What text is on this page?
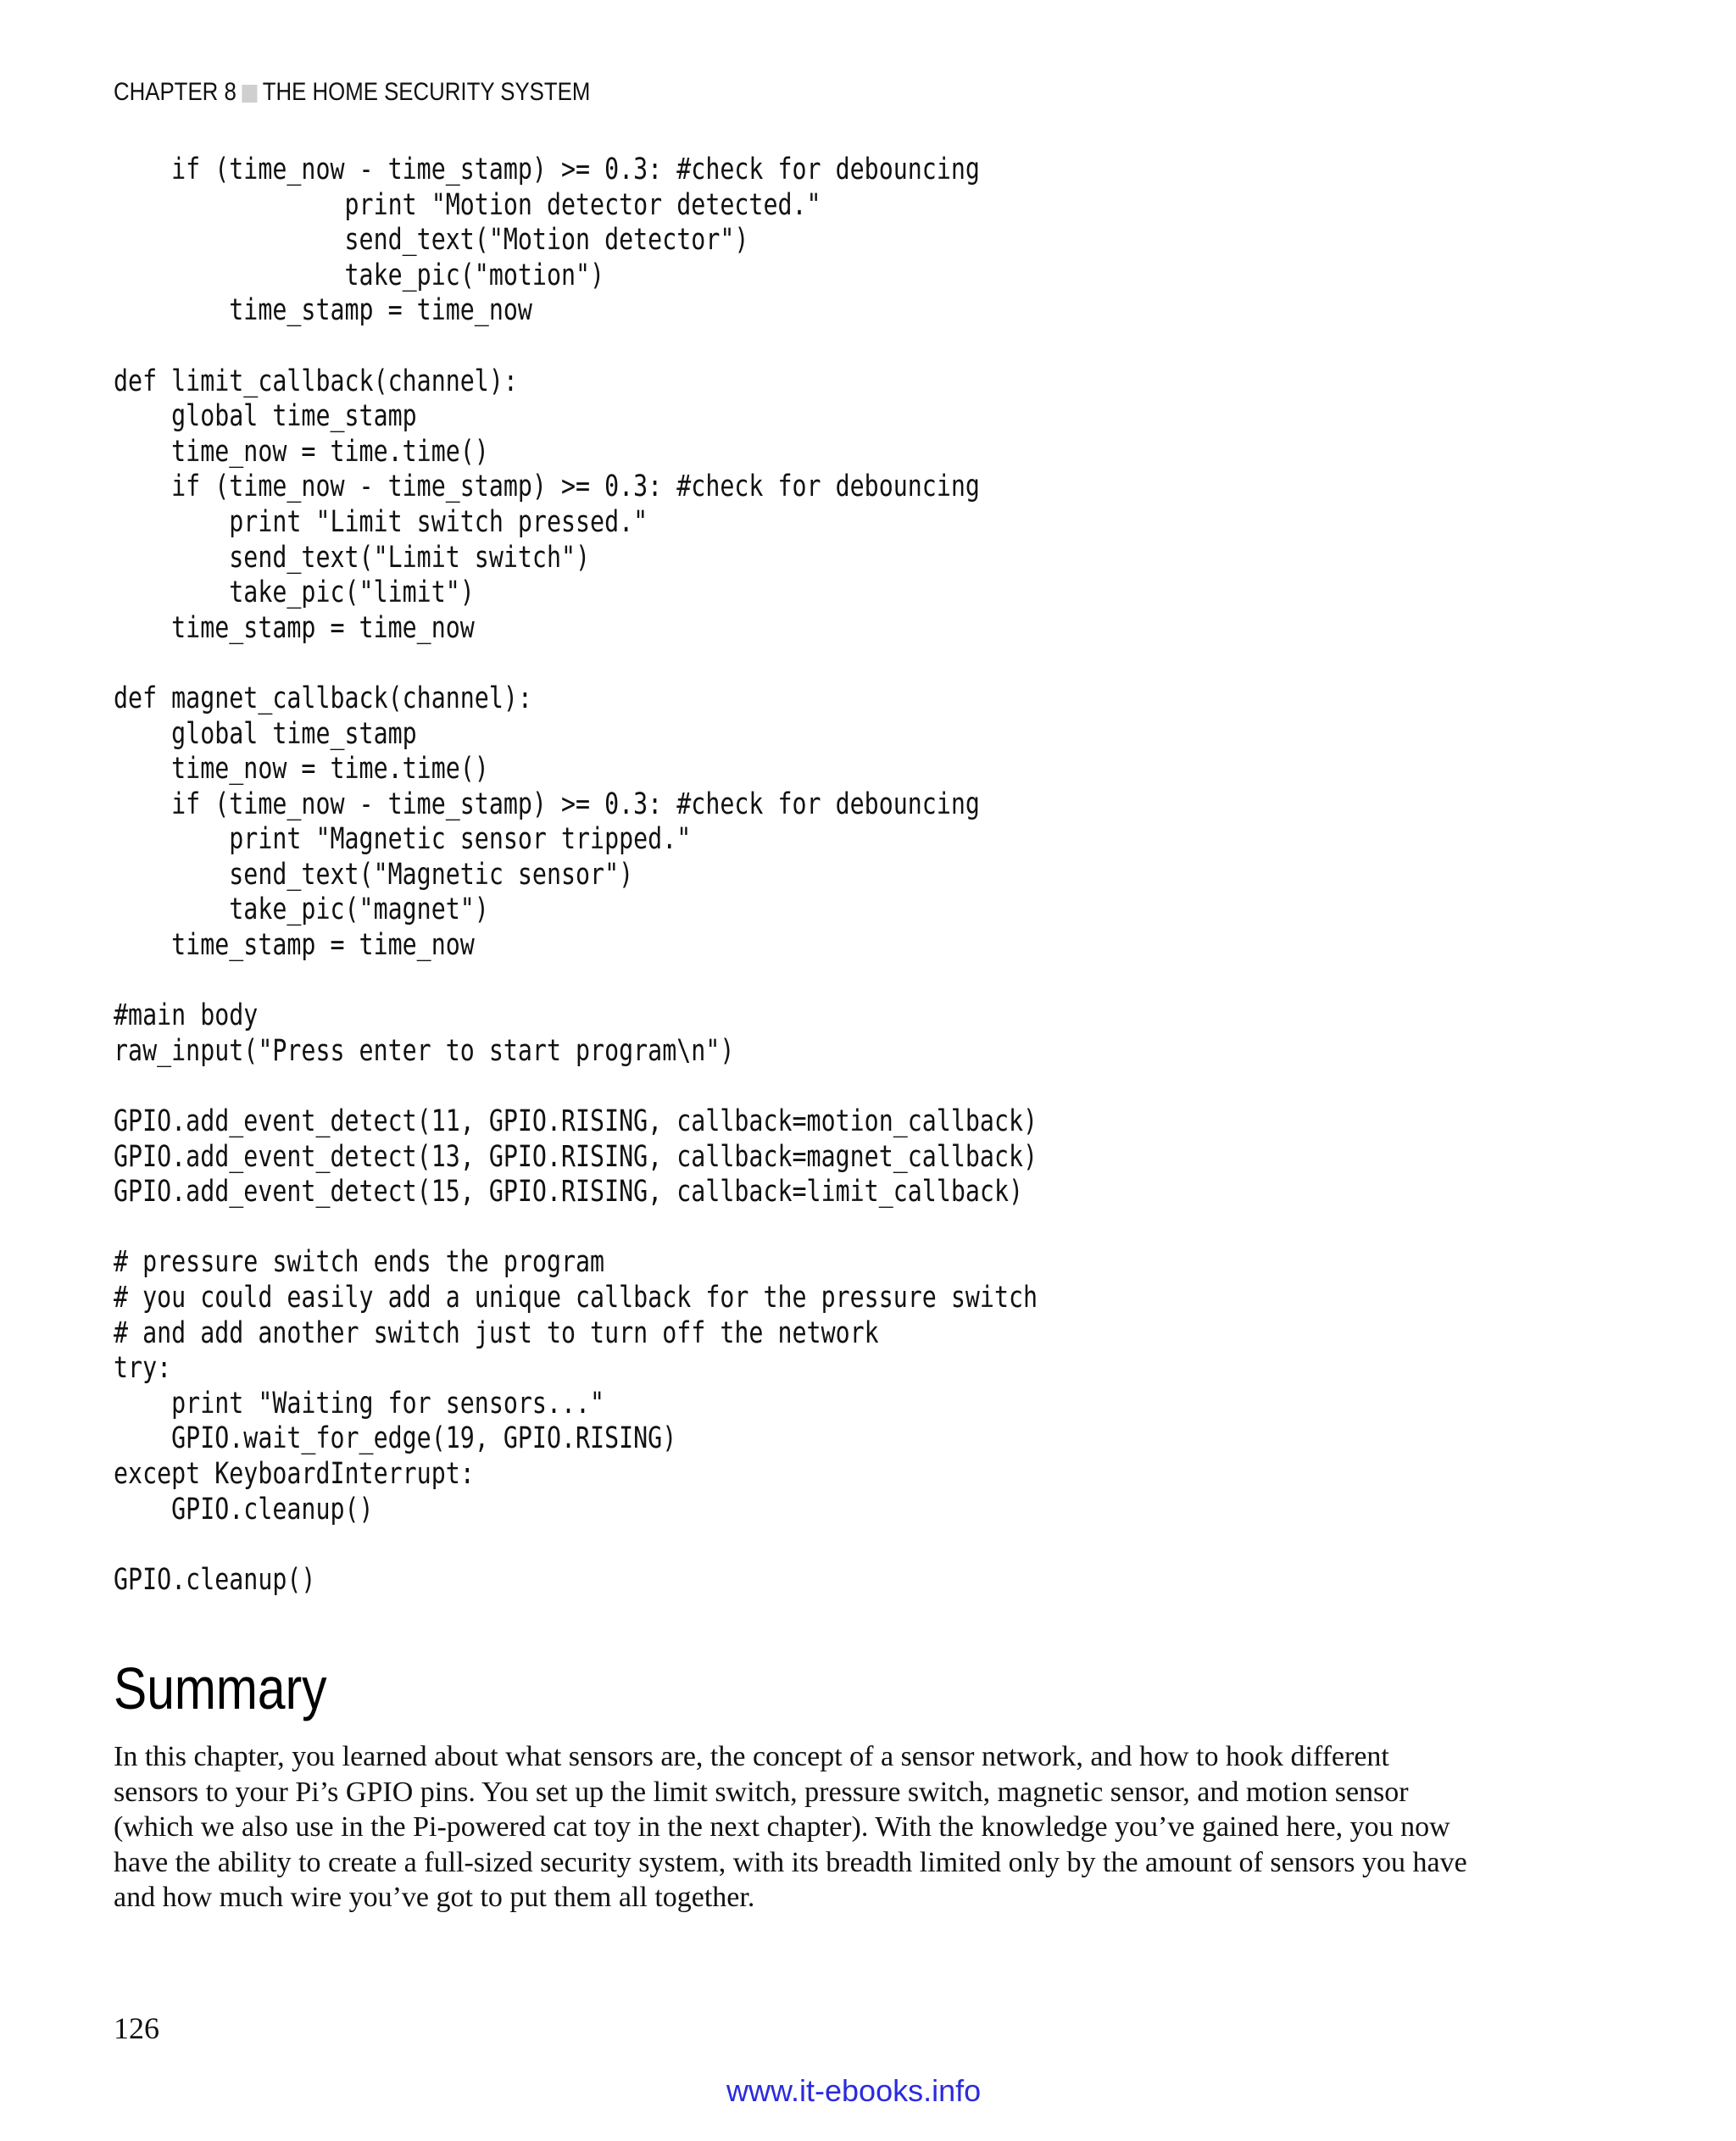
CHAPTER 8 THE HOME SECURITY SYSTEM
if (time_now - time_stamp) >= 0.3: #check for debouncing
print "Motion detector detected."
send_text("Motion detector")
take_pic("motion")
time_stamp = time_now

def limit_callback(channel):
global time_stamp
time_now = time.time()
if (time_now - time_stamp) >= 0.3: #check for debouncing
print "Limit switch pressed."
send_text("Limit switch")
take_pic("limit")
time_stamp = time_now

def magnet_callback(channel):
global time_stamp
time_now = time.time()
if (time_now - time_stamp) >= 0.3: #check for debouncing
print "Magnetic sensor tripped."
send_text("Magnetic sensor")
take_pic("magnet")
time_stamp = time_now

#main body
raw_input("Press enter to start program\n")

GPIO.add_event_detect(11, GPIO.RISING, callback=motion_callback)
GPIO.add_event_detect(13, GPIO.RISING, callback=magnet_callback)
GPIO.add_event_detect(15, GPIO.RISING, callback=limit_callback)

# pressure switch ends the program
# you could easily add a unique callback for the pressure switch
# and add another switch just to turn off the network
try:
print "Waiting for sensors..."
GPIO.wait_for_edge(19, GPIO.RISING)
except KeyboardInterrupt:
GPIO.cleanup()

GPIO.cleanup()
Summary
In this chapter, you learned about what sensors are, the concept of a sensor network, and how to hook different
sensors to your Pi’s GPIO pins. You set up the limit switch, pressure switch, magnetic sensor, and motion sensor
(which we also use in the Pi-powered cat toy in the next chapter). With the knowledge you’ve gained here, you now
have the ability to create a full-sized security system, with its breadth limited only by the amount of sensors you have
and how much wire you’ve got to put them all together.
126
www.it-ebooks.info
